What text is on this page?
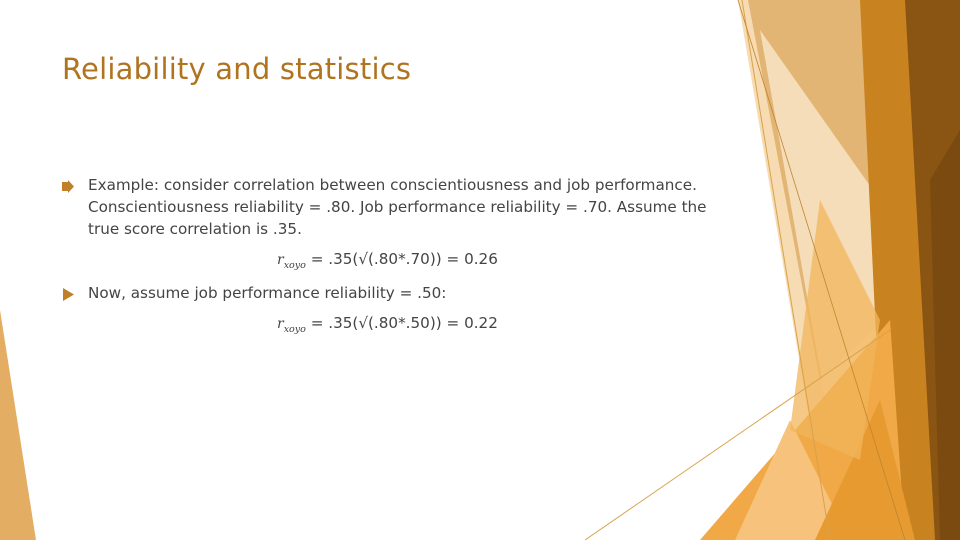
Reliability and statistics
Example: consider correlation between conscientiousness and job performance. Conscientiousness reliability = .80. Job performance reliability = .70. Assume the true score correlation is .35.
$r_{xoyo} = .35(√(.80*.70)) = 0.26$
Now, assume job performance reliability = .50:
$r_{xoyo} = .35(√(.80*.50)) = 0.22$
